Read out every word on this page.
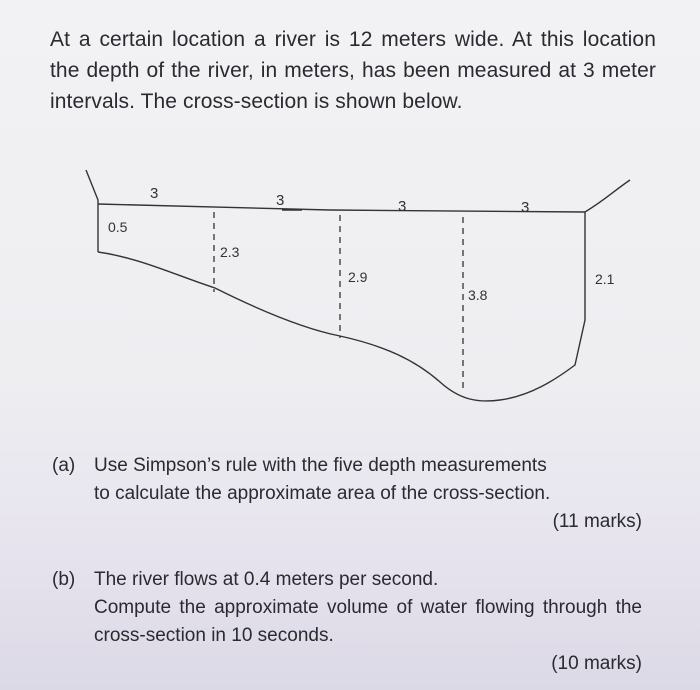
At a certain location a river is 12 meters wide. At this location the depth of the river, in meters, has been measured at 3 meter intervals. The cross-section is shown below.

3	3	3	3
0.5
2.3
2.9
3.8
2.1

(a) Use Simpson’s rule with the five depth measurements
to calculate the approximate area of the cross-section.
(11 marks)

(b) The river flows at 0.4 meters per second.
Compute the approximate volume of water flowing through the cross-section in 10 seconds.
(10 marks)
